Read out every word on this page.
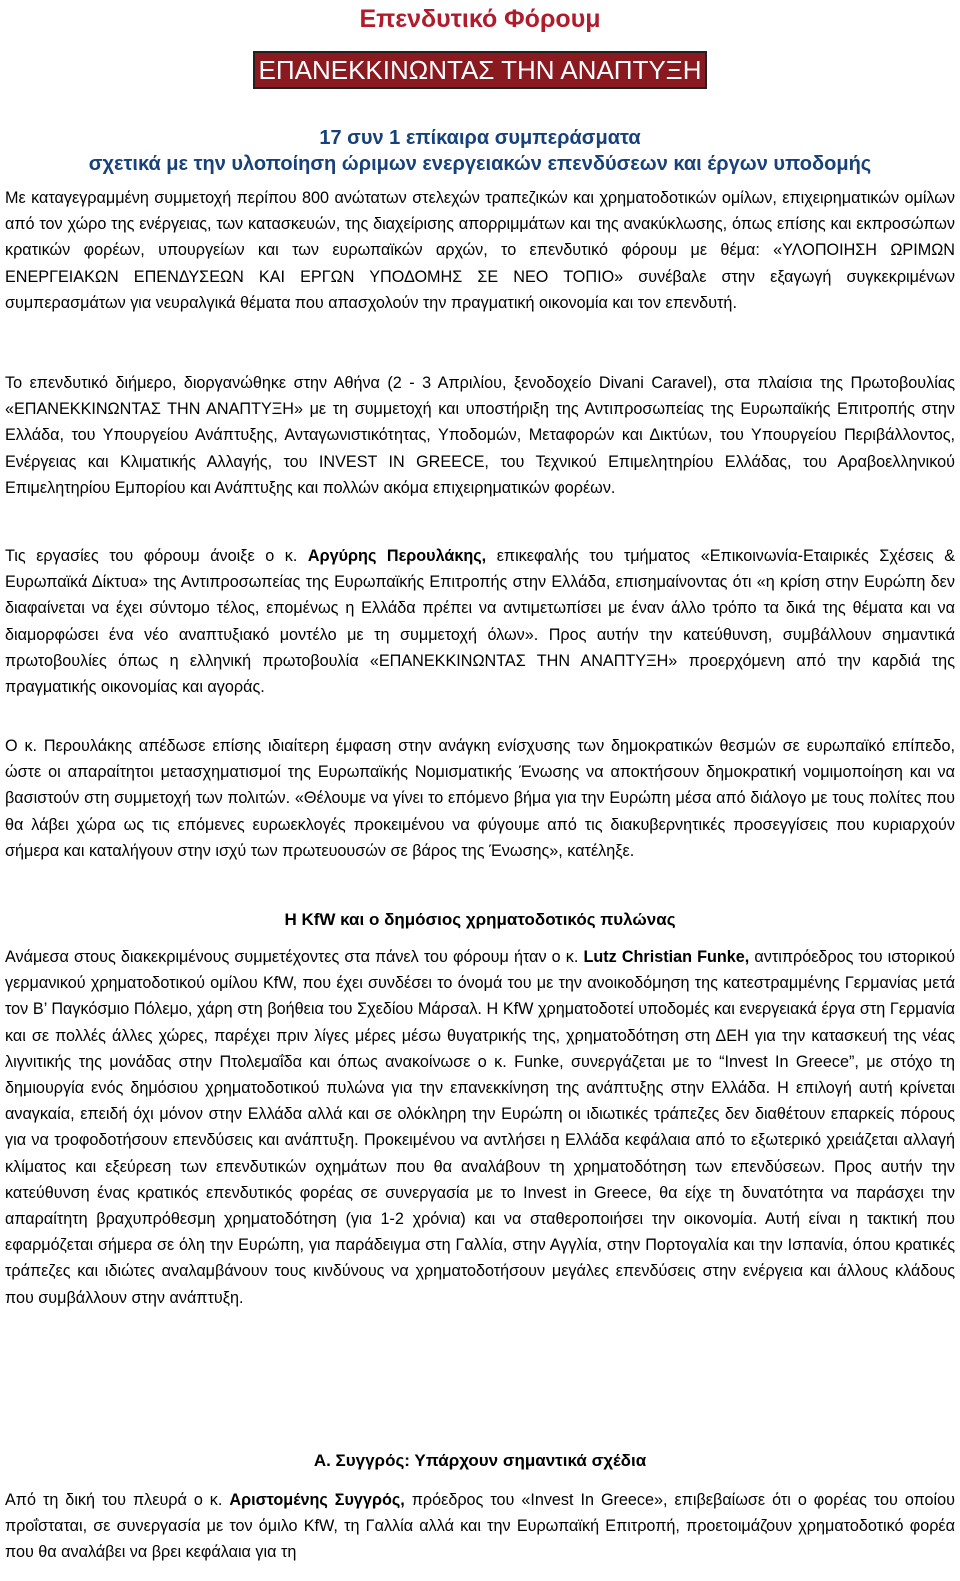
Επενδυτικό Φόρουμ
ΕΠΑΝΕΚΚΙΝΩΝΤΑΣ ΤΗΝ ΑΝΑΠΤΥΞΗ
17 συν 1 επίκαιρα συμπεράσματα
σχετικά με την υλοποίηση ώριμων ενεργειακών επενδύσεων και έργων υποδομής
Με καταγεγραμμένη συμμετοχή περίπου 800 ανώτατων στελεχών τραπεζικών και χρηματοδοτικών ομίλων, επιχειρηματικών ομίλων από τον χώρο της ενέργειας, των κατασκευών, της διαχείρισης απορριμμάτων και της ανακύκλωσης, όπως επίσης και εκπροσώπων κρατικών φορέων, υπουργείων και των ευρωπαϊκών αρχών, το επενδυτικό φόρουμ με θέμα: «ΥΛΟΠΟΙΗΣΗ ΩΡΙΜΩΝ ΕΝΕΡΓΕΙΑΚΩΝ ΕΠΕΝΔΥΣΕΩΝ ΚΑΙ ΕΡΓΩΝ ΥΠΟΔΟΜΗΣ ΣΕ ΝΕΟ ΤΟΠΙΟ» συνέβαλε στην εξαγωγή συγκεκριμένων συμπερασμάτων για νευραλγικά θέματα που απασχολούν την πραγματική οικονομία και τον επενδυτή.
Το επενδυτικό διήμερο, διοργανώθηκε στην Αθήνα (2 - 3 Απριλίου, ξενοδοχείο Divani Caravel), στα πλαίσια της Πρωτοβουλίας «ΕΠΑΝΕΚΚΙΝΩΝΤΑΣ ΤΗΝ ΑΝΑΠΤΥΞΗ» με τη συμμετοχή και υποστήριξη της Αντιπροσωπείας της Ευρωπαϊκής Επιτροπής στην Ελλάδα, του Υπουργείου Ανάπτυξης, Ανταγωνιστικότητας, Υποδομών, Μεταφορών και Δικτύων, του Υπουργείου Περιβάλλοντος, Ενέργειας και Κλιματικής Αλλαγής, του INVEST IN GREECE, του Τεχνικού Επιμελητηρίου Ελλάδας, του Αραβοελληνικού Επιμελητηρίου Εμπορίου και Ανάπτυξης και πολλών ακόμα επιχειρηματικών φορέων.
Τις εργασίες του φόρουμ άνοιξε ο κ. Αργύρης Περουλάκης, επικεφαλής του τμήματος «Επικοινωνία-Εταιρικές Σχέσεις & Ευρωπαϊκά Δίκτυα» της Αντιπροσωπείας της Ευρωπαϊκής Επιτροπής στην Ελλάδα, επισημαίνοντας ότι «η κρίση στην Ευρώπη δεν διαφαίνεται να έχει σύντομο τέλος, επομένως η Ελλάδα πρέπει να αντιμετωπίσει με έναν άλλο τρόπο τα δικά της θέματα και να διαμορφώσει ένα νέο αναπτυξιακό μοντέλο με τη συμμετοχή όλων». Προς αυτήν την κατεύθυνση, συμβάλλουν σημαντικά πρωτοβουλίες όπως η ελληνική πρωτοβουλία «ΕΠΑΝΕΚΚΙΝΩΝΤΑΣ ΤΗΝ ΑΝΑΠΤΥΞΗ» προερχόμενη από την καρδιά της πραγματικής οικονομίας και αγοράς.
Ο κ. Περουλάκης απέδωσε επίσης ιδιαίτερη έμφαση στην ανάγκη ενίσχυσης των δημοκρατικών θεσμών σε ευρωπαϊκό επίπεδο, ώστε οι απαραίτητοι μετασχηματισμοί της Ευρωπαϊκής Νομισματικής Ένωσης να αποκτήσουν δημοκρατική νομιμοποίηση και να βασιστούν στη συμμετοχή των πολιτών. «Θέλουμε να γίνει το επόμενο βήμα για την Ευρώπη μέσα από διάλογο με τους πολίτες που θα λάβει χώρα ως τις επόμενες ευρωεκλογές προκειμένου να φύγουμε από τις διακυβερνητικές προσεγγίσεις που κυριαρχούν σήμερα και καταλήγουν στην ισχύ των πρωτευουσών σε βάρος της Ένωσης», κατέληξε.
Η KfW και ο δημόσιος χρηματοδοτικός πυλώνας
Ανάμεσα στους διακεκριμένους συμμετέχοντες στα πάνελ του φόρουμ ήταν ο κ. Lutz Christian Funke, αντιπρόεδρος του ιστορικού γερμανικού χρηματοδοτικού ομίλου KfW, που έχει συνδέσει το όνομά του με την ανοικοδόμηση της κατεστραμμένης Γερμανίας μετά τον Β’ Παγκόσμιο Πόλεμο, χάρη στη βοήθεια του Σχεδίου Μάρσαλ. Η KfW χρηματοδοτεί υποδομές και ενεργειακά έργα στη Γερμανία και σε πολλές άλλες χώρες, παρέχει πριν λίγες μέρες μέσω θυγατρικής της, χρηματοδότηση στη ΔΕΗ για την κατασκευή της νέας λιγνιτικής της μονάδας στην Πτολεμαΐδα και όπως ανακοίνωσε ο κ. Funke, συνεργάζεται με το “Invest In Greece”, με στόχο τη δημιουργία ενός δημόσιου χρηματοδοτικού πυλώνα για την επανεκκίνηση της ανάπτυξης στην Ελλάδα. Η επιλογή αυτή κρίνεται αναγκαία, επειδή όχι μόνον στην Ελλάδα αλλά και σε ολόκληρη την Ευρώπη οι ιδιωτικές τράπεζες δεν διαθέτουν επαρκείς πόρους για να τροφοδοτήσουν επενδύσεις και ανάπτυξη. Προκειμένου να αντλήσει η Ελλάδα κεφάλαια από το εξωτερικό χρειάζεται αλλαγή κλίματος και εξεύρεση των επενδυτικών οχημάτων που θα αναλάβουν τη χρηματοδότηση των επενδύσεων. Προς αυτήν την κατεύθυνση ένας κρατικός επενδυτικός φορέας σε συνεργασία με το Invest in Greece, θα είχε τη δυνατότητα να παράσχει την απαραίτητη βραχυπρόθεσμη χρηματοδότηση (για 1-2 χρόνια) και να σταθεροποιήσει την οικονομία. Αυτή είναι η τακτική που εφαρμόζεται σήμερα σε όλη την Ευρώπη, για παράδειγμα στη Γαλλία, στην Αγγλία, στην Πορτογαλία και την Ισπανία, όπου κρατικές τράπεζες και ιδιώτες αναλαμβάνουν τους κινδύνους να χρηματοδοτήσουν μεγάλες επενδύσεις στην ενέργεια και άλλους κλάδους που συμβάλλουν στην ανάπτυξη.
Α. Συγγρός: Υπάρχουν σημαντικά σχέδια
Από τη δική του πλευρά ο κ. Αριστομένης Συγγρός, πρόεδρος του «Invest In Greece», επιβεβαίωσε ότι ο φορέας του οποίου προΐσταται, σε συνεργασία με τον όμιλο KfW, τη Γαλλία αλλά και την Ευρωπαϊκή Επιτροπή, προετοιμάζουν χρηματοδοτικό φορέα που θα αναλάβει να βρει κεφάλαια για τη
